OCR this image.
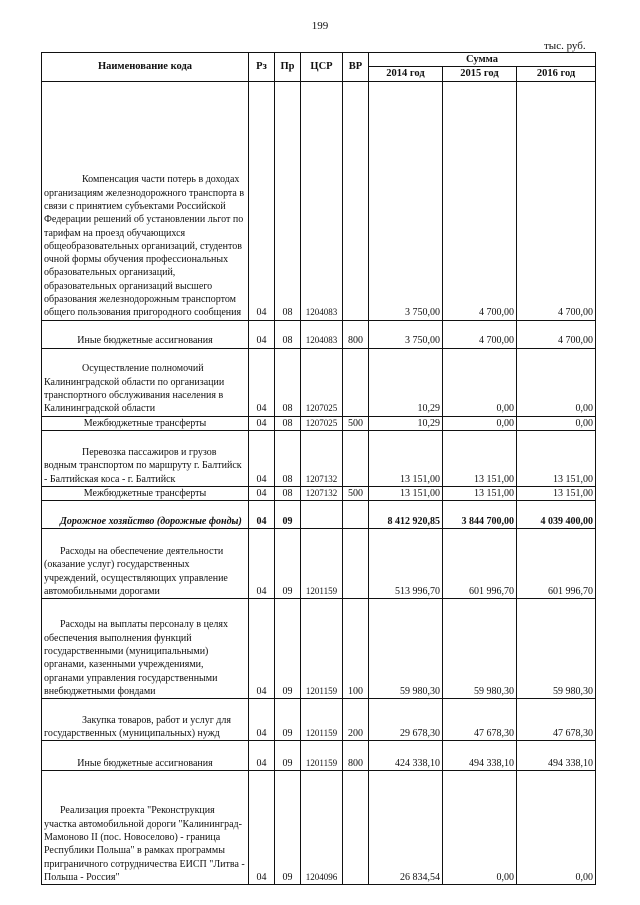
199
тыс. руб.
Наименование кода	Рз	Пр	ЦСР	ВР	Сумма		
					2014 год	2015 год	2016 год
Компенсация части потерь в доходах организациям железнодорожного транспорта в связи с принятием субъектами Российской Федерации решений об установлении льгот по тарифам на проезд обучающихся общеобразовательных организаций, студентов очной формы обучения профессиональных образовательных организаций, образовательных организаций высшего образования железнодорожным транспортом общего пользования пригородного сообщения	04	08	1204083		3 750,00	4 700,00	4 700,00
Иные бюджетные ассигнования	04	08	1204083	800	3 750,00	4 700,00	4 700,00
Осуществление полномочий Калининградской области по организации транспортного обслуживания населения в Калининградской области	04	08	1207025		10,29	0,00	0,00
Межбюджетные трансферты	04	08	1207025	500	10,29	0,00	0,00
Перевозка пассажиров и грузов водным транспортом по маршруту г. Балтийск - Балтийская коса - г. Балтийск	04	08	1207132		13 151,00	13 151,00	13 151,00
Межбюджетные трансферты	04	08	1207132	500	13 151,00	13 151,00	13 151,00
Дорожное хозяйство (дорожные фонды)	04	09			8 412 920,85	3 844 700,00	4 039 400,00
Расходы на обеспечение деятельности (оказание услуг) государственных учреждений, осуществляющих управление автомобильными дорогами	04	09	1201159		513 996,70	601 996,70	601 996,70
Расходы на выплаты персоналу в целях обеспечения выполнения функций государственными (муниципальными) органами, казенными учреждениями, органами управления государственными внебюджетными фондами	04	09	1201159	100	59 980,30	59 980,30	59 980,30
Закупка товаров, работ и услуг для государственных (муниципальных) нужд	04	09	1201159	200	29 678,30	47 678,30	47 678,30
Иные бюджетные ассигнования	04	09	1201159	800	424 338,10	494 338,10	494 338,10
Реализация проекта "Реконструкция участка автомобильной дороги "Калининград-Мамоново II (пос. Новоселово) - граница Республики Польша" в рамках программы приграничного сотрудничества ЕИСП "Литва - Польша - Россия"	04	09	1204096		26 834,54	0,00	0,00
